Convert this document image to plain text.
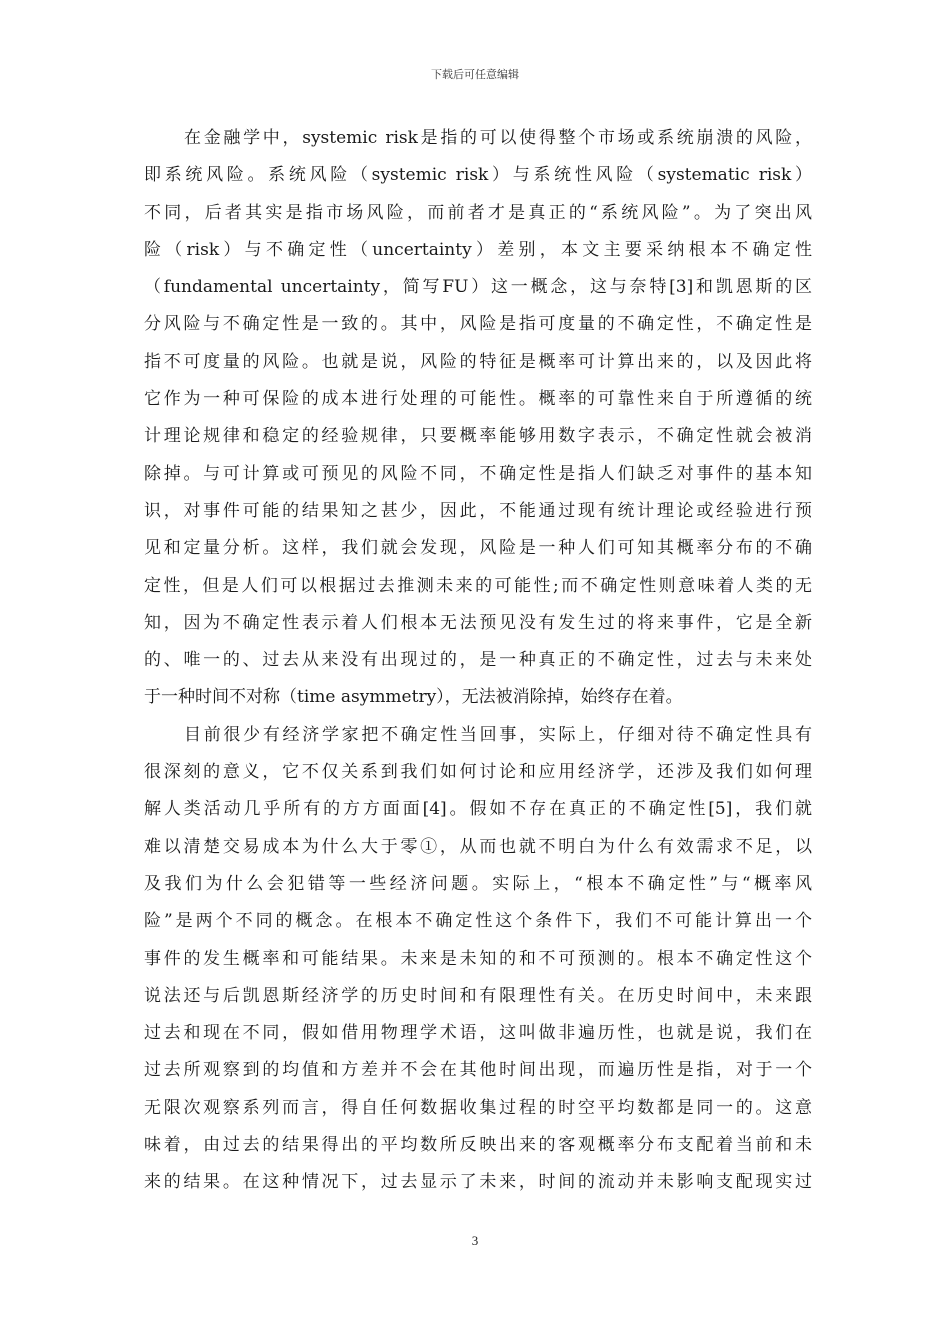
下载后可任意编辑
在金融学中，systemic risk是指的可以使得整个市场或系统崩溃的风险，
即系统风险。系统风险（systemic risk）与系统性风险（systematic risk）
不同，后者其实是指市场风险，而前者才是真正的“系统风险”。为了突出风
险（risk）与不确定性（uncertainty）差别，本文主要采纳根本不确定性
（fundamental uncertainty，简写FU）这一概念，这与奈特[3]和凯恩斯的区
分风险与不确定性是一致的。其中，风险是指可度量的不确定性，不确定性是
指不可度量的风险。也就是说，风险的特征是概率可计算出来的，以及因此将
它作为一种可保险的成本进行处理的可能性。概率的可靠性来自于所遵循的统
计理论规律和稳定的经验规律，只要概率能够用数字表示，不确定性就会被消
除掉。与可计算或可预见的风险不同，不确定性是指人们缺乏对事件的基本知
识，对事件可能的结果知之甚少，因此，不能通过现有统计理论或经验进行预
见和定量分析。这样，我们就会发现，风险是一种人们可知其概率分布的不确
定性，但是人们可以根据过去推测未来的可能性;而不确定性则意味着人类的无
知，因为不确定性表示着人们根本无法预见没有发生过的将来事件，它是全新
的、唯一的、过去从来没有出现过的，是一种真正的不确定性，过去与未来处
于一种时间不对称（time asymmetry），无法被消除掉，始终存在着。
目前很少有经济学家把不确定性当回事，实际上，仔细对待不确定性具有
很深刻的意义，它不仅关系到我们如何讨论和应用经济学，还涉及我们如何理
解人类活动几乎所有的方方面面[4]。假如不存在真正的不确定性[5]，我们就
难以清楚交易成本为什么大于零①，从而也就不明白为什么有效需求不足，以
及我们为什么会犯错等一些经济问题。实际上，“根本不确定性”与“概率风
险”是两个不同的概念。在根本不确定性这个条件下，我们不可能计算出一个
事件的发生概率和可能结果。未来是未知的和不可预测的。根本不确定性这个
说法还与后凯恩斯经济学的历史时间和有限理性有关。在历史时间中，未来跟
过去和现在不同，假如借用物理学术语，这叫做非遍历性，也就是说，我们在
过去所观察到的均值和方差并不会在其他时间出现，而遍历性是指，对于一个
无限次观察系列而言，得自任何数据收集过程的时空平均数都是同一的。这意
味着，由过去的结果得出的平均数所反映出来的客观概率分布支配着当前和未
来的结果。在这种情况下，过去显示了未来，时间的流动并未影响支配现实过
3
